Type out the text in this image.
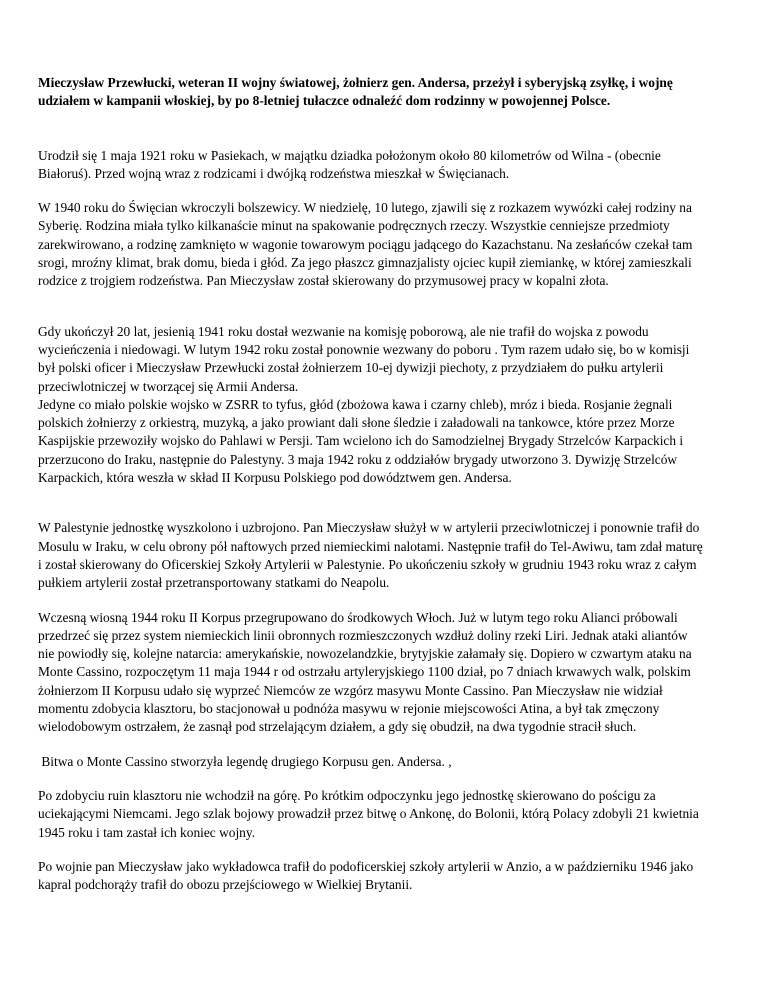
Mieczysław Przewłucki, weteran II wojny światowej, żołnierz gen. Andersa, przeżył i syberyjską zsyłkę, i wojnę udziałem w kampanii włoskiej, by po 8-letniej tułaczce odnaleźć dom rodzinny w powojennej Polsce.

Urodził się 1 maja 1921 roku w Pasiekach, w majątku dziadka położonym około 80 kilometrów od Wilna - (obecnie Białoruś). Przed wojną wraz z rodzicami i dwójką rodzeństwa mieszkał w Święcianach.

W 1940 roku do Święcian wkroczyli bolszewicy. W niedzielę, 10 lutego, zjawili się z rozkazem wywózki całej rodziny na Syberię. Rodzina miała tylko kilkanaście minut na spakowanie podręcznych rzeczy. Wszystkie cenniejsze przedmioty zarekwirowano, a rodzinę zamknięto w wagonie towarowym pociągu jadącego do Kazachstanu. Na zesłańców czekał tam srogi, mroźny klimat, brak domu, bieda i głód. Za jego płaszcz gimnazjalisty ojciec kupił ziemiankę, w której zamieszkali rodzice z trojgiem rodzeństwa. Pan Mieczysław został skierowany do przymusowej pracy w kopalni złota.

Gdy ukończył 20 lat, jesienią 1941 roku dostał wezwanie na komisję poborową, ale nie trafił do wojska z powodu wycieńczenia i niedowagi. W lutym 1942 roku został ponownie wezwany do poboru . Tym razem udało się, bo w komisji był polski oficer i Mieczysław Przewłucki został żołnierzem 10-ej dywizji piechoty, z przydziałem do pułku artylerii przeciwlotniczej w tworzącej się Armii Andersa.
Jedyne co miało polskie wojsko w ZSRR to tyfus, głód (zbożowa kawa i czarny chleb), mróz i bieda. Rosjanie żegnali polskich żołnierzy z orkiestrą, muzyką, a jako prowiant dali słone śledzie i załadowali na tankowce, które przez Morze Kaspijskie przewoziły wojsko do Pahlawi w Persji. Tam wcielono ich do Samodzielnej Brygady Strzelców Karpackich i przerzucono do Iraku, następnie do Palestyny. 3 maja 1942 roku z oddziałów brygady utworzono 3. Dywizję Strzelców Karpackich, która weszła w skład II Korpusu Polskiego pod dowództwem gen. Andersa.

W Palestynie jednostkę wyszkolono i uzbrojono. Pan Mieczysław służył w w artylerii przeciwlotniczej i ponownie trafił do Mosulu w Iraku, w celu obrony pół naftowych przed niemieckimi nalotami. Następnie trafił do Tel-Awiwu, tam zdał maturę i został skierowany do Oficerskiej Szkoły Artylerii w Palestynie. Po ukończeniu szkoły w grudniu 1943 roku wraz z całym pułkiem artylerii został przetransportowany statkami do Neapolu.

Wczesną wiosną 1944 roku II Korpus przegrupowano do środkowych Włoch. Już w lutym tego roku Alianci próbowali przedrzeć się przez system niemieckich linii obronnych rozmieszczonych wzdłuż doliny rzeki Liri. Jednak ataki aliantów nie powiodły się, kolejne natarcia: amerykańskie, nowozelandzkie, brytyjskie załamały się. Dopiero w czwartym ataku na Monte Cassino, rozpoczętym 11 maja 1944 r od ostrzału artyleryjskiego 1100 dział, po 7 dniach krwawych walk, polskim żołnierzom II Korpusu udało się wyprzeć Niemców ze wzgórz masywu Monte Cassino. Pan Mieczysław nie widział momentu zdobycia klasztoru, bo stacjonował u podnóża masywu w rejonie miejscowości Atina, a był tak zmęczony wielodobowym ostrzałem, że zasnął pod strzelającym działem, a gdy się obudził, na dwa tygodnie stracił słuch.

Bitwa o Monte Cassino stworzyła legendę drugiego Korpusu gen. Andersa. ,

Po zdobyciu ruin klasztoru nie wchodził na górę. Po krótkim odpoczynku jego jednostkę skierowano do pościgu za uciekającymi Niemcami. Jego szlak bojowy prowadził przez bitwę o Ankonę, do Bolonii, którą Polacy zdobyli 21 kwietnia 1945 roku i tam zastał ich koniec wojny.

Po wojnie pan Mieczysław jako wykładowca trafił do podoficerskiej szkoły artylerii w Anzio, a w październiku 1946 jako kapral podchorąży trafił do obozu przejściowego w Wielkiej Brytanii.
